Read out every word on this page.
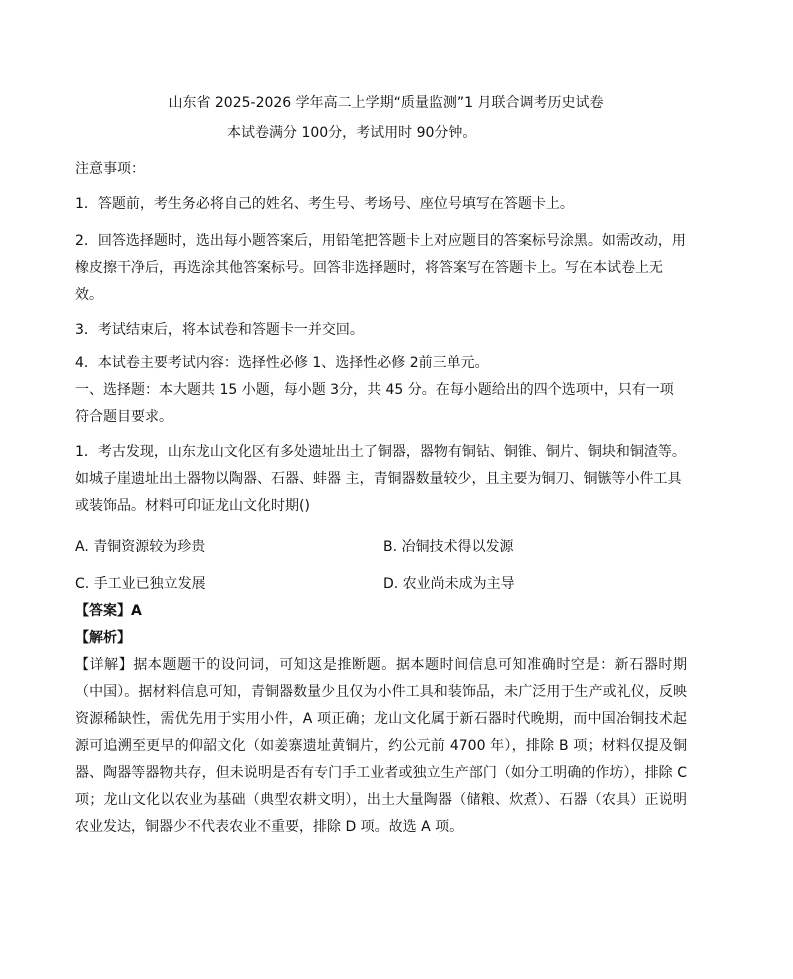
山东省 2025-2026 学年高二上学期“质量监测”1 月联合调考历史试卷

本试卷满分 100分，考试用时 90分钟。

注意事项：

1．答题前，考生务必将自己的姓名、考生号、考场号、座位号填写在答题卡上。

2．回答选择题时，选出每小题答案后，用铅笔把答题卡上对应题目的答案标号涂黑。如需改动，用橡皮擦干净后，再选涂其他答案标号。回答非选择题时，将答案写在答题卡上。写在本试卷上无效。

3．考试结束后，将本试卷和答题卡一并交回。

4．本试卷主要考试内容：选择性必修 1、选择性必修 2前三单元。

一、选择题：本大题共 15 小题，每小题 3分，共 45 分。在每小题给出的四个选项中，只有一项符合题目要求。

1．考古发现，山东龙山文化区有多处遗址出土了铜器，器物有铜钻、铜锥、铜片、铜块和铜渣等。如城子崖遗址出土器物以陶器、石器、蚌器 主，青铜器数量较少，且主要为铜刀、铜镞等小件工具或装饰品。材料可印证龙山文化时期()

A. 青铜资源较为珍贵	B. 冶铜技术得以发源
C. 手工业已独立发展	D. 农业尚未成为主导

【答案】A

【解析】

【详解】据本题题干的设问词，可知这是推断题。据本题时间信息可知准确时空是：新石器时期（中国）。据材料信息可知，青铜器数量少且仅为小件工具和装饰品，未广泛用于生产或礼仪，反映资源稀缺性，需优先用于实用小件，A 项正确；龙山文化属于新石器时代晚期，而中国冶铜技术起源可追溯至更早的仰韶文化（如姜寨遗址黄铜片，约公元前 4700 年），排除 B 项；材料仅提及铜器、陶器等器物共存，但未说明是否有专门手工业者或独立生产部门（如分工明确的作坊），排除 C 项；龙山文化以农业为基础（典型农耕文明），出土大量陶器（储粮、炊煮）、石器（农具）正说明农业发达，铜器少不代表农业不重要，排除 D 项。故选 A 项。
